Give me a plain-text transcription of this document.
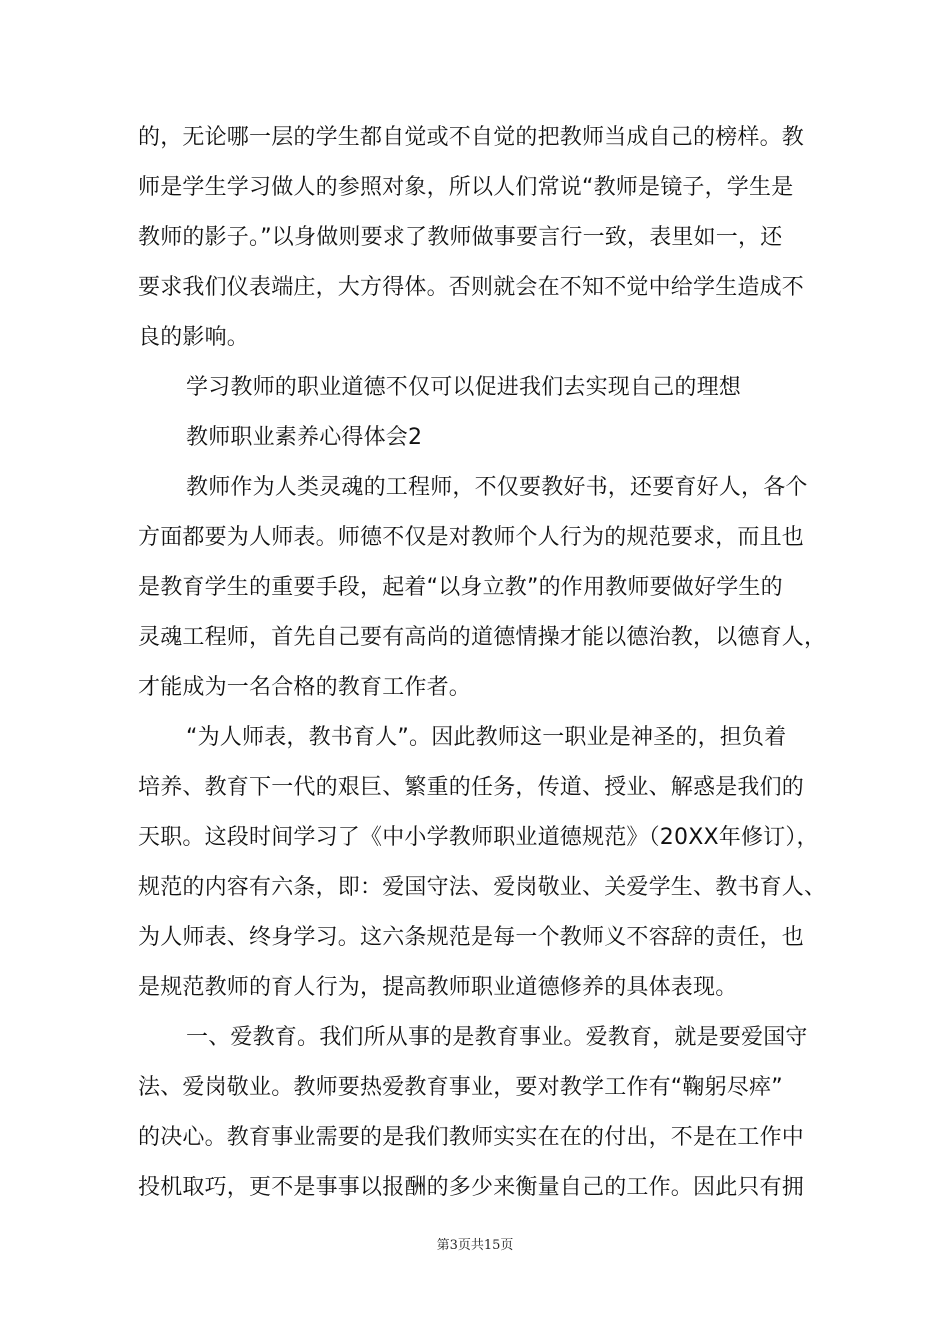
的，无论哪一层的学生都自觉或不自觉的把教师当成自己的榜样。教
师是学生学习做人的参照对象，所以人们常说“教师是镜子，学生是
教师的影子。”以身做则要求了教师做事要言行一致，表里如一，还
要求我们仪表端庄，大方得体。否则就会在不知不觉中给学生造成不
良的影响。
学习教师的职业道德不仅可以促进我们去实现自己的理想
教师职业素养心得体会2
教师作为人类灵魂的工程师，不仅要教好书，还要育好人，各个
方面都要为人师表。师德不仅是对教师个人行为的规范要求，而且也
是教育学生的重要手段，起着“以身立教”的作用教师要做好学生的
灵魂工程师，首先自己要有高尚的道德情操才能以德治教，以德育人，
才能成为一名合格的教育工作者。
“为人师表，教书育人”。因此教师这一职业是神圣的，担负着
培养、教育下一代的艰巨、繁重的任务，传道、授业、解惑是我们的
天职。这段时间学习了《中小学教师职业道德规范》（20XX年修订），
规范的内容有六条，即：爱国守法、爱岗敬业、关爱学生、教书育人、
为人师表、终身学习。这六条规范是每一个教师义不容辞的责任，也
是规范教师的育人行为，提高教师职业道德修养的具体表现。
一、爱教育。我们所从事的是教育事业。爱教育，就是要爱国守
法、爱岗敬业。教师要热爱教育事业，要对教学工作有“鞠躬尽瘁”
的决心。教育事业需要的是我们教师实实在在的付出，不是在工作中
投机取巧，更不是事事以报酬的多少来衡量自己的工作。因此只有拥
第3页共15页
